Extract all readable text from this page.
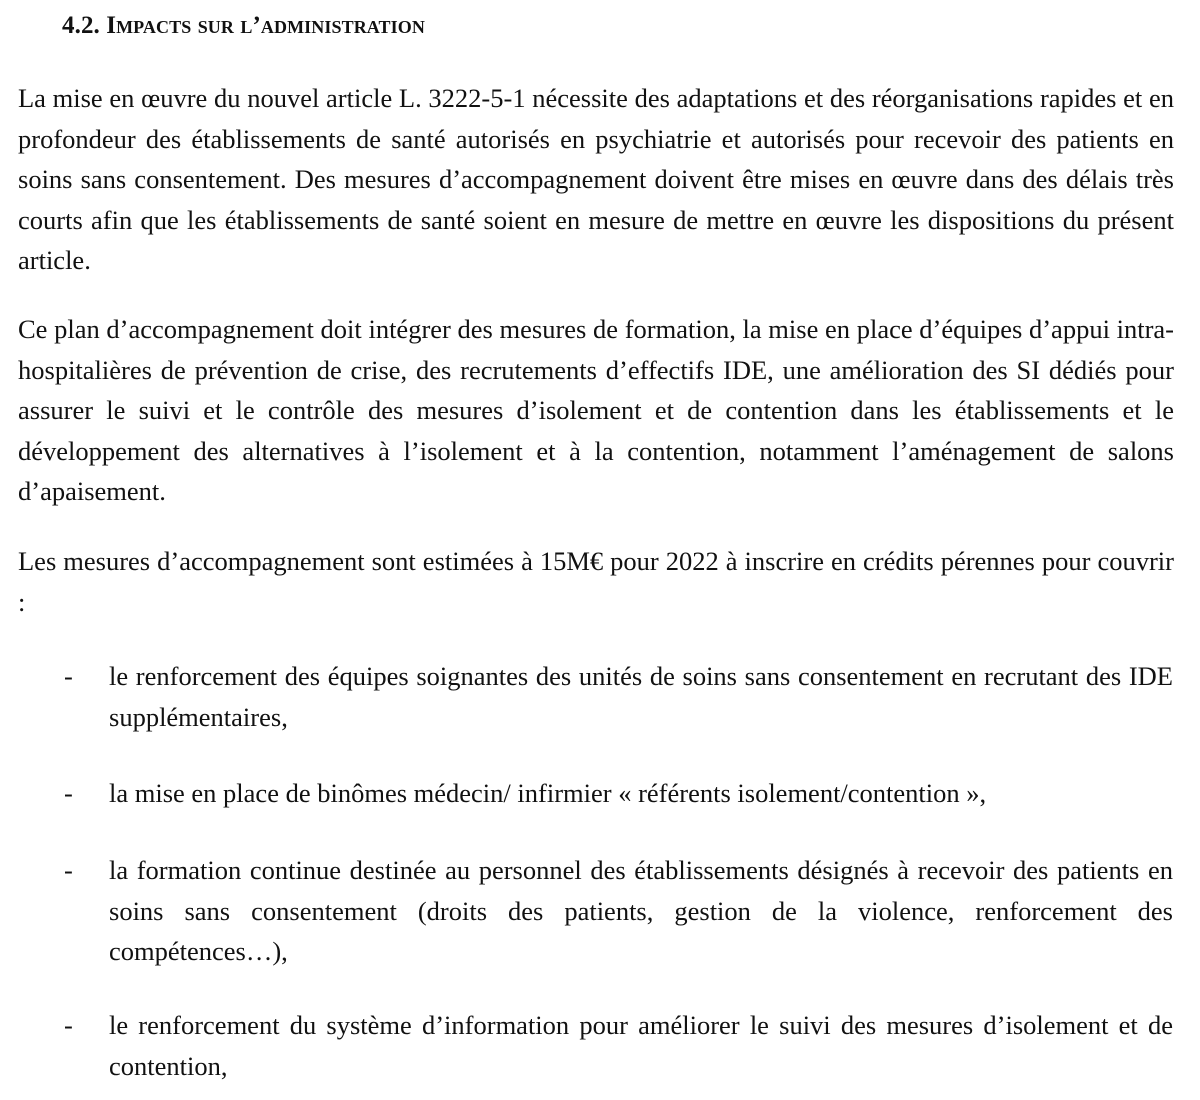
4.2. Impacts sur l’administration

La mise en œuvre du nouvel article L. 3222-5-1 nécessite des adaptations et des réorganisations rapides et en profondeur des établissements de santé autorisés en psychiatrie et autorisés pour recevoir des patients en soins sans consentement. Des mesures d’accompagnement doivent être mises en œuvre dans des délais très courts afin que les établissements de santé soient en mesure de mettre en œuvre les dispositions du présent article.

Ce plan d’accompagnement doit intégrer des mesures de formation, la mise en place d’équipes d’appui intra-hospitalières de prévention de crise, des recrutements d’effectifs IDE, une amélioration des SI dédiés pour assurer le suivi et le contrôle des mesures d’isolement et de contention dans les établissements et le développement des alternatives à l’isolement et à la contention, notamment l’aménagement de salons d’apaisement.

Les mesures d’accompagnement sont estimées à 15M€ pour 2022 à inscrire en crédits pérennes pour couvrir :

-	le renforcement des équipes soignantes des unités de soins sans consentement en recrutant des IDE supplémentaires,

-	la mise en place de binômes médecin/ infirmier « référents isolement/contention »,

-	la formation continue destinée au personnel des établissements désignés à recevoir des patients en soins sans consentement (droits des patients, gestion de la violence, renforcement des compétences…),

-	le renforcement du système d’information pour améliorer le suivi des mesures d’isolement et de contention,
